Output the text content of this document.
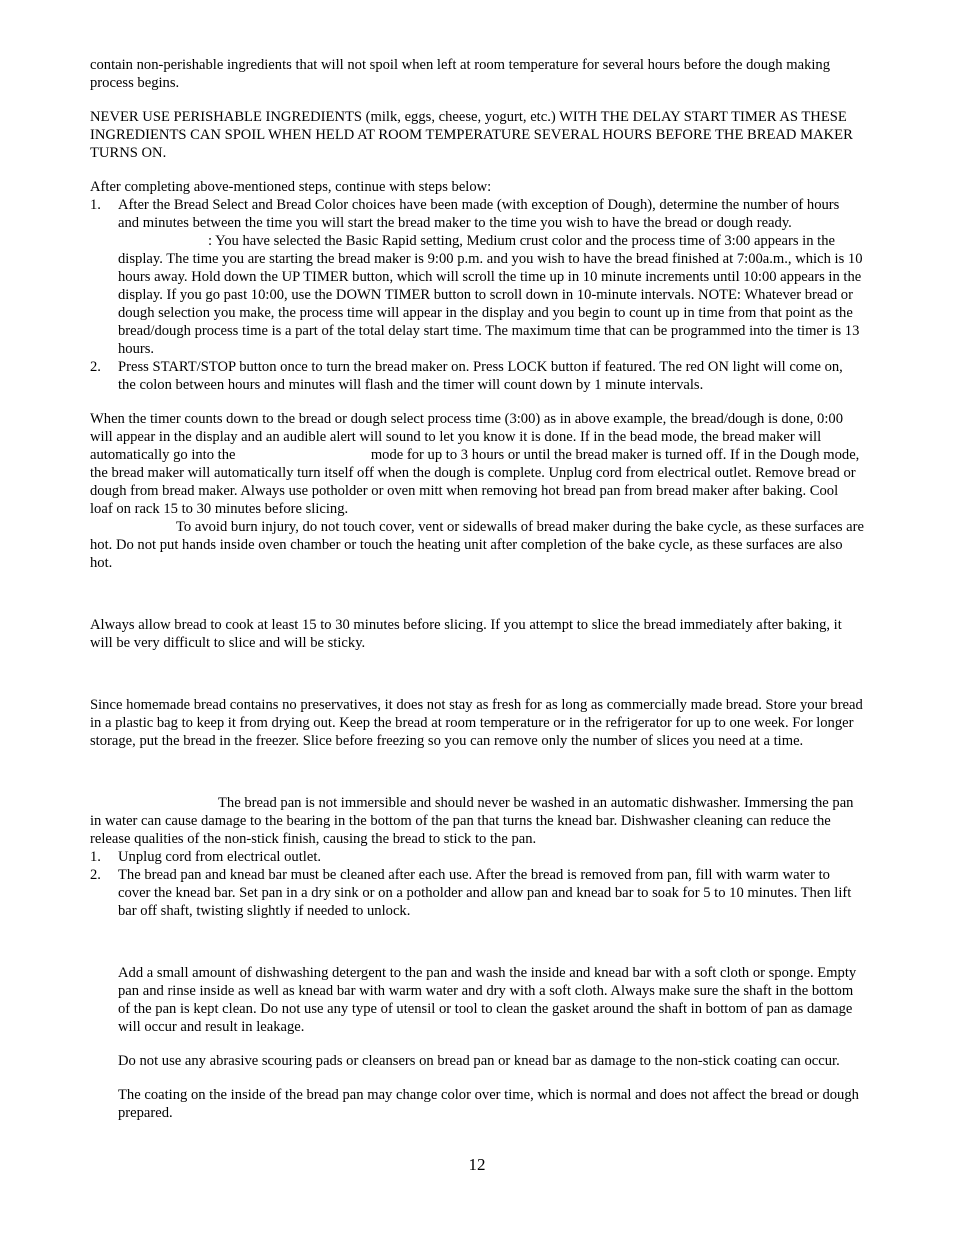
contain non-perishable ingredients that will not spoil when left at room temperature for several hours before the dough making process begins.

NEVER USE PERISHABLE INGREDIENTS (milk, eggs, cheese, yogurt, etc.) WITH THE DELAY START TIMER AS THESE INGREDIENTS CAN SPOIL WHEN HELD AT ROOM TEMPERATURE SEVERAL HOURS BEFORE THE BREAD MAKER TURNS ON.

After completing above-mentioned steps, continue with steps below:

1. After the Bread Select and Bread Color choices have been made (with exception of Dough), determine the number of hours and minutes between the time you will start the bread maker to the time you wish to have the bread or dough ready.: You have selected the Basic Rapid setting, Medium crust color and the process time of 3:00 appears in the display. The time you are starting the bread maker is 9:00 p.m. and you wish to have the bread finished at 7:00a.m., which is 10 hours away. Hold down the UP TIMER button, which will scroll the time up in 10 minute increments until 10:00 appears in the display. If you go past 10:00, use the DOWN TIMER button to scroll down in 10-minute intervals. NOTE: Whatever bread or dough selection you make, the process time will appear in the display and you begin to count up in time from that point as the bread/dough process time is a part of the total delay start time. The maximum time that can be programmed into the timer is 13 hours.
2. Press START/STOP button once to turn the bread maker on. Press LOCK button if featured. The red ON light will come on, the colon between hours and minutes will flash and the timer will count down by 1 minute intervals.

When the timer counts down to the bread or dough select process time (3:00) as in above example, the bread/dough is done, 0:00 will appear in the display and an audible alert will sound to let you know it is done. If in the bead mode, the bread maker will automatically go into the	mode for up to 3 hours or until the bread maker is turned off. If in the Dough mode, the bread maker will automatically turn itself off when the dough is complete. Unplug cord from electrical outlet. Remove bread or dough from bread maker. Always use potholder or oven mitt when removing hot bread pan from bread maker after baking. Cool loaf on rack 15 to 30 minutes before slicing.

To avoid burn injury, do not touch cover, vent or sidewalls of bread maker during the bake cycle, as these surfaces are hot. Do not put hands inside oven chamber or touch the heating unit after completion of the bake cycle, as these surfaces are also hot.

Always allow bread to cook at least 15 to 30 minutes before slicing. If you attempt to slice the bread immediately after baking, it will be very difficult to slice and will be sticky.

Since homemade bread contains no preservatives, it does not stay as fresh for as long as commercially made bread. Store your bread in a plastic bag to keep it from drying out. Keep the bread at room temperature or in the refrigerator for up to one week. For longer storage, put the bread in the freezer. Slice before freezing so you can remove only the number of slices you need at a time.

The bread pan is not immersible and should never be washed in an automatic dishwasher. Immersing the pan in water can cause damage to the bearing in the bottom of the pan that turns the knead bar. Dishwasher cleaning can reduce the release qualities of the non-stick finish, causing the bread to stick to the pan.

1. Unplug cord from electrical outlet.
2. The bread pan and knead bar must be cleaned after each use. After the bread is removed from pan, fill with warm water to cover the knead bar. Set pan in a dry sink or on a potholder and allow pan and knead bar to soak for 5 to 10 minutes. Then lift bar off shaft, twisting slightly if needed to unlock.

Add a small amount of dishwashing detergent to the pan and wash the inside and knead bar with a soft cloth or sponge. Empty pan and rinse inside as well as knead bar with warm water and dry with a soft cloth. Always make sure the shaft in the bottom of the pan is kept clean. Do not use any type of utensil or tool to clean the gasket around the shaft in bottom of pan as damage will occur and result in leakage.

Do not use any abrasive scouring pads or cleansers on bread pan or knead bar as damage to the non-stick coating can occur.

The coating on the inside of the bread pan may change color over time, which is normal and does not affect the bread or dough prepared.

12
